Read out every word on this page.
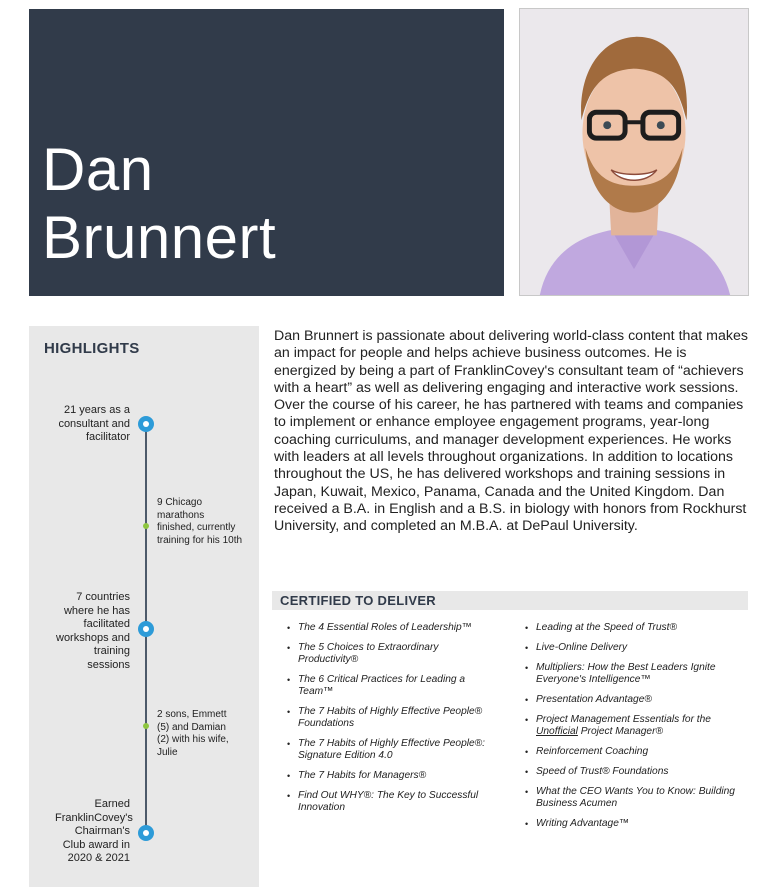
Dan
Brunnert
HIGHLIGHTS
21 years as a consultant and facilitator
9 Chicago marathons finished, currently training for his 10th
7 countries where he has facilitated workshops and training sessions
2 sons, Emmett (5) and Damian (2) with his wife, Julie
Earned FranklinCovey's Chairman's Club award in 2020 & 2021

Dan Brunnert is passionate about delivering world-class content that makes an impact for people and helps achieve business outcomes. He is energized by being a part of FranklinCovey's consultant team of “achievers with a heart” as well as delivering engaging and interactive work sessions. Over the course of his career, he has partnered with teams and companies to implement or enhance employee engagement programs, year-long coaching curriculums, and manager development experiences. He works with leaders at all levels throughout organizations. In addition to locations throughout the US, he has delivered workshops and training sessions in Japan, Kuwait, Mexico, Panama, Canada and the United Kingdom. Dan received a B.A. in English and a B.S. in biology with honors from Rockhurst University, and completed an M.B.A. at DePaul University.

CERTIFIED TO DELIVER
• The 4 Essential Roles of Leadership™
• The 5 Choices to Extraordinary Productivity®
• The 6 Critical Practices for Leading a Team™
• The 7 Habits of Highly Effective People® Foundations
• The 7 Habits of Highly Effective People®: Signature Edition 4.0
• The 7 Habits for Managers®
• Find Out WHY®: The Key to Successful Innovation
• Leading at the Speed of Trust®
• Live-Online Delivery
• Multipliers: How the Best Leaders Ignite Everyone's Intelligence™
• Presentation Advantage®
• Project Management Essentials for the
Unofficial Project Manager®
• Reinforcement Coaching
• Speed of Trust® Foundations
• What the CEO Wants You to Know: Building Business Acumen
• Writing Advantage™
